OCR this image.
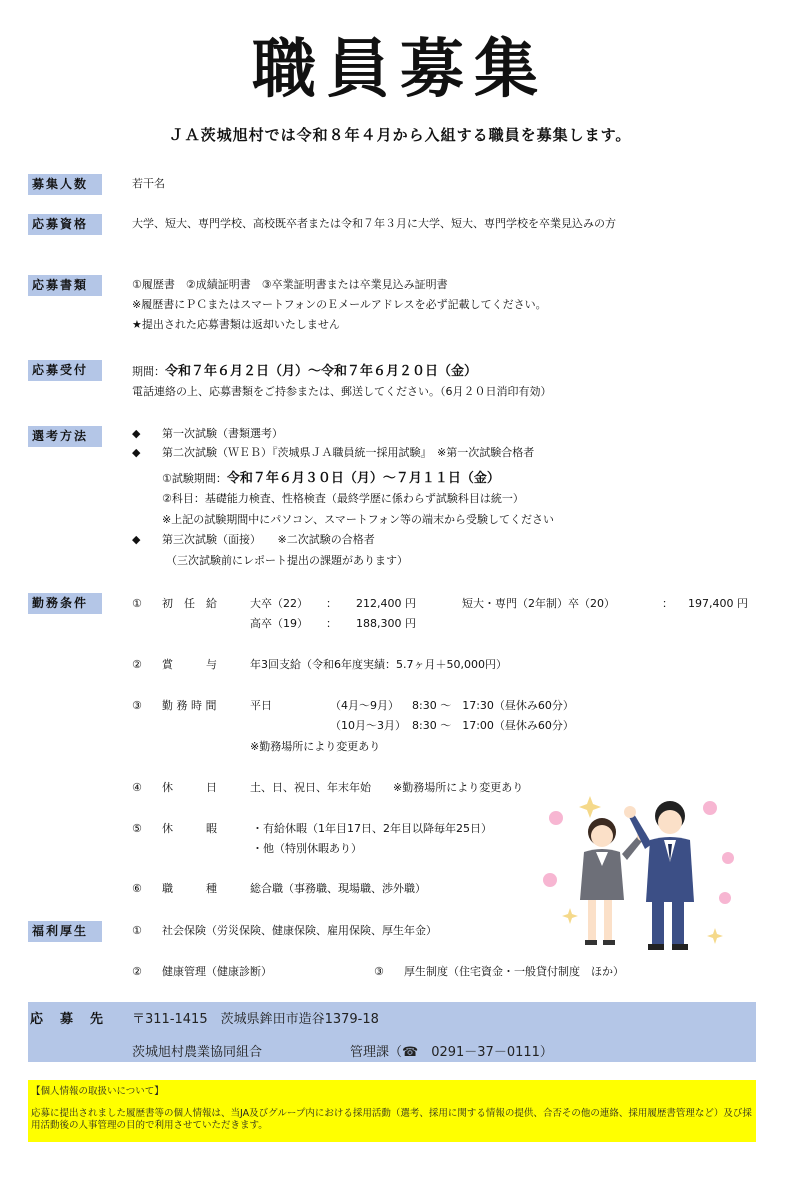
職員募集
ＪＡ茨城旭村では令和８年４月から入組する職員を募集します。
募集人数	若干名
応募資格	大学、短大、専門学校、高校既卒者または令和７年３月に大学、短大、専門学校を卒業見込みの方
応募書類	①履歴書　②成績証明書　③卒業証明書または卒業見込み証明書
※履歴書にＰＣまたはスマートフォンのＥメールアドレスを必ず記載してください。
★提出された応募書類は返却いたしません
応募受付	期間：令和７年６月２日（月）～令和７年６月２０日（金）
電話連絡の上、応募書類をご持参または、郵送してください。（6月２０日消印有効）
選考方法	◆ 第一次試験（書類選考）
◆ 第二次試験（ＷＥＢ）『茨城県ＪＡ職員統一採用試験』　※第一次試験合格者
①試験期間：令和７年６月３０日（月）～７月１１日（金）
②科目：基礎能力検査、性格検査（最終学歴に係わらず試験科目は統一）
※上記の試験期間中にパソコン、スマートフォン等の端末から受験してください
◆ 第三次試験（面接）　　※二次試験の合格者
（三次試験前にレポート提出の課題があります）
勤務条件	① 初　任　給	大卒（22） ： 212,400 円	短大・専門（2年制）卒（20）	： 197,400 円
高卒（19） ： 188,300 円
② 賞　　　与	年3回支給（令和6年度実績：5.7ヶ月＋50,000円）
③ 勤 務 時 間	平日	（4月～9月） 8:30 ～　17:30（昼休み60分）
（10月～3月） 8:30 ～　17:00（昼休み60分）
※勤務場所により変更あり
④ 休　　　日	土、日、祝日、年末年始　　※勤務場所により変更あり
⑤ 休　　　暇	・有給休暇（1年目17日、2年目以降毎年25日）
・他（特別休暇あり）
⑥ 職　　　種	総合職（事務職、現場職、渉外職）
福利厚生	① 社会保険（労災保険、健康保険、雇用保険、厚生年金）
② 健康管理（健康診断）	③ 厚生制度（住宅資金・一般貸付制度　ほか）
応　募　先 〒311-1415　茨城県鉾田市造谷1379-18
茨城旭村農業協同組合	管理課（☎　0291－37－0111）
【個人情報の取扱いについて】
応募に提出されました履歴書等の個人情報は、当JA及びグループ内における採用活動（選考、採用に関する情報の提供、合否その他の連絡、採用履歴書管理など）及び採用活動後の人事管理の目的で利用させていただきます。
